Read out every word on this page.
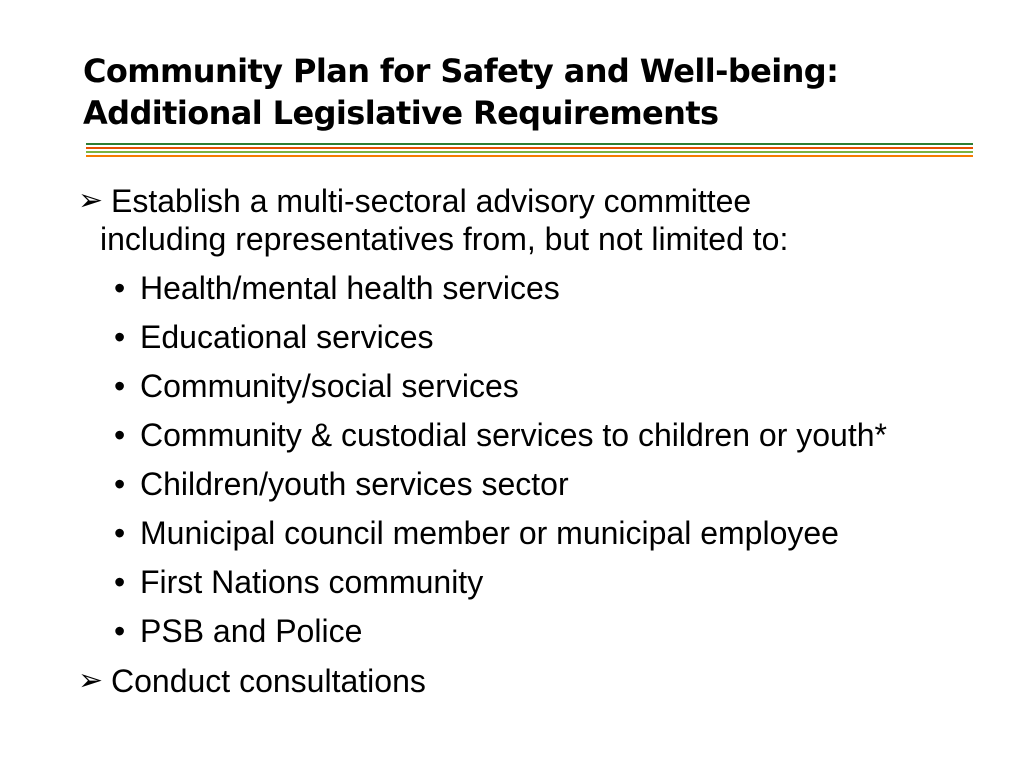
Community Plan for Safety and Well-being:
Additional Legislative Requirements
➢ Establish a multi-sectoral advisory committee
including representatives from, but not limited to:
• Health/mental health services
• Educational services
• Community/social services
• Community & custodial services to children or youth*
• Children/youth services sector
• Municipal council member or municipal employee
• First Nations community
• PSB and Police
➢ Conduct consultations
